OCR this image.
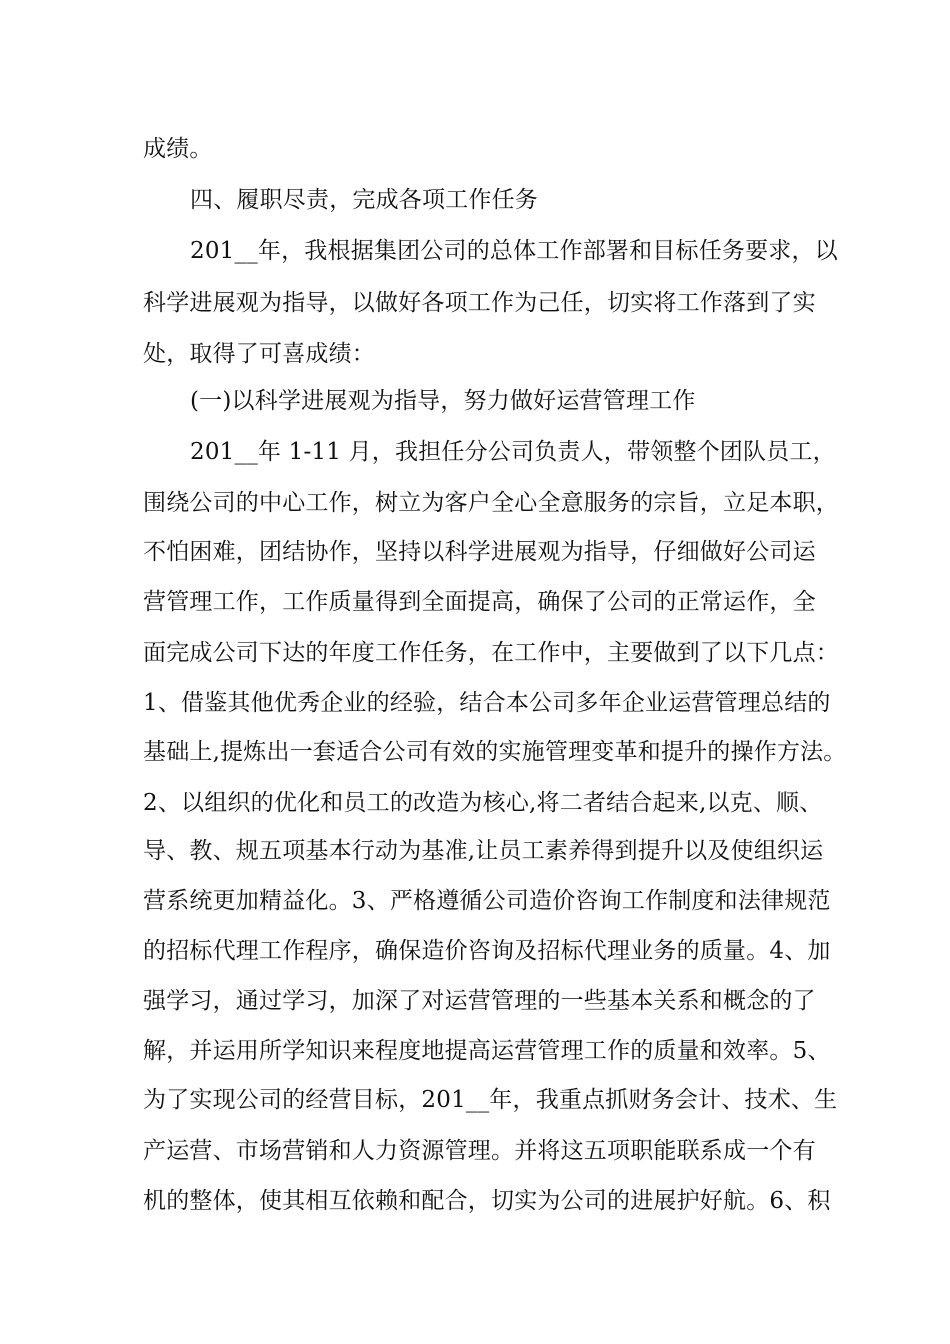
成绩。
四、履职尽责，完成各项工作任务
201__年，我根据集团公司的总体工作部署和目标任务要求，以
科学进展观为指导，以做好各项工作为己任，切实将工作落到了实
处，取得了可喜成绩：
(一)以科学进展观为指导，努力做好运营管理工作
201__年 1-11 月，我担任分公司负责人，带领整个团队员工，
围绕公司的中心工作，树立为客户全心全意服务的宗旨，立足本职，
不怕困难，团结协作，坚持以科学进展观为指导，仔细做好公司运
营管理工作，工作质量得到全面提高，确保了公司的正常运作，全
面完成公司下达的年度工作任务，在工作中，主要做到了以下几点：
1、借鉴其他优秀企业的经验，结合本公司多年企业运营管理总结的
基础上,提炼出一套适合公司有效的实施管理变革和提升的操作方法。
2、以组织的优化和员工的改造为核心,将二者结合起来,以克、顺、
导、教、规五项基本行动为基准,让员工素养得到提升以及使组织运
营系统更加精益化。3、严格遵循公司造价咨询工作制度和法律规范
的招标代理工作程序，确保造价咨询及招标代理业务的质量。4、加
强学习，通过学习，加深了对运营管理的一些基本关系和概念的了
解，并运用所学知识来程度地提高运营管理工作的质量和效率。5、
为了实现公司的经营目标，201__年，我重点抓财务会计、技术、生
产运营、市场营销和人力资源管理。并将这五项职能联系成一个有
机的整体，使其相互依赖和配合，切实为公司的进展护好航。6、积
